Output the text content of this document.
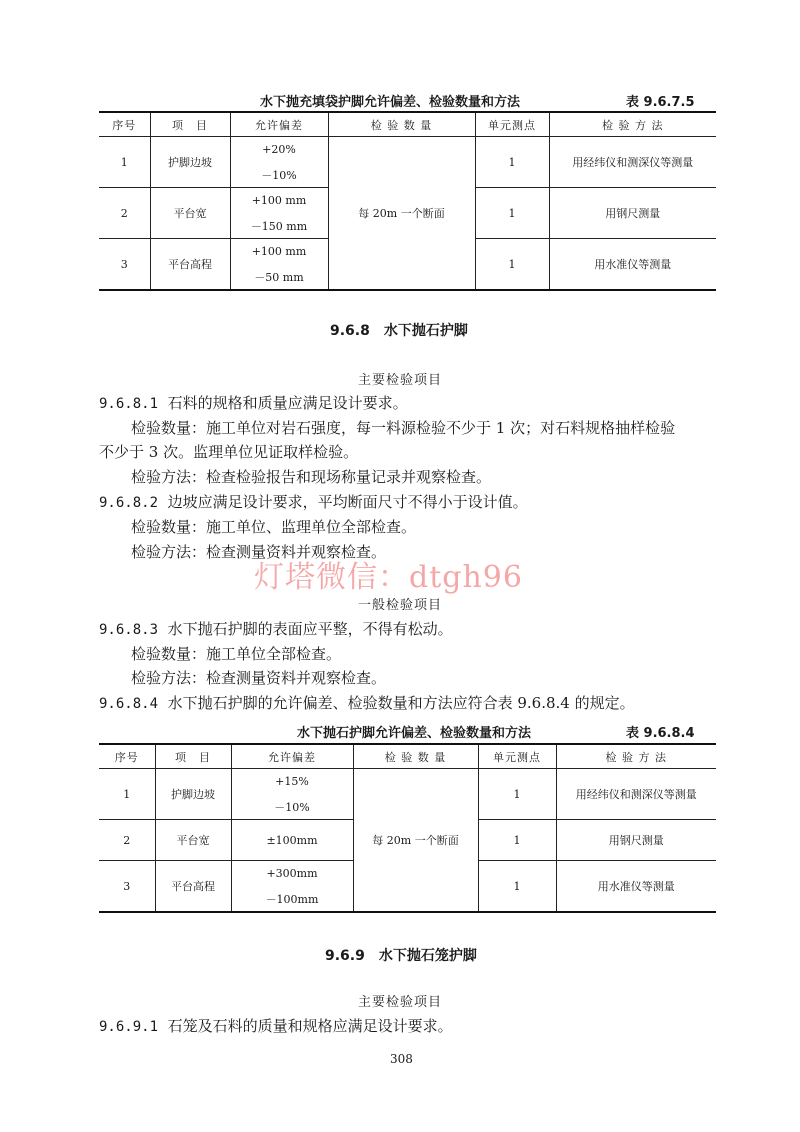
水下抛充填袋护脚允许偏差、检验数量和方法	表 9.6.7.5
序号	项　目	允许偏差	检 验 数 量	单元测点	检 验 方 法
1	护脚边坡	+20%	每 20m 一个断面	1	用经纬仪和测深仪等测量
		－10%			
2	平台宽	+100 mm		1	用钢尺测量
		－150 mm			
3	平台高程	+100 mm		1	用水准仪等测量
		－50 mm			
9.6.8　水下抛石护脚
主要检验项目
9.6.8.1 石料的规格和质量应满足设计要求。
检验数量：施工单位对岩石强度，每一料源检验不少于 1 次；对石料规格抽样检验
不少于 3 次。监理单位见证取样检验。
检验方法：检查检验报告和现场称量记录并观察检查。
9.6.8.2 边坡应满足设计要求，平均断面尺寸不得小于设计值。
检验数量：施工单位、监理单位全部检查。
检验方法：检查测量资料并观察检查。
灯塔微信：dtgh96
一般检验项目
9.6.8.3 水下抛石护脚的表面应平整，不得有松动。
检验数量：施工单位全部检查。
检验方法：检查测量资料并观察检查。
9.6.8.4 水下抛石护脚的允许偏差、检验数量和方法应符合表 9.6.8.4 的规定。
水下抛石护脚允许偏差、检验数量和方法	表 9.6.8.4
序号	项　目	允许偏差	检 验 数 量	单元测点	检 验 方 法
1	护脚边坡	+15%	每 20m 一个断面	1	用经纬仪和测深仪等测量
		－10%			
2	平台宽	±100mm		1	用钢尺测量
3	平台高程	+300mm		1	用水准仪等测量
		－100mm			
9.6.9　水下抛石笼护脚
主要检验项目
9.6.9.1 石笼及石料的质量和规格应满足设计要求。
308
